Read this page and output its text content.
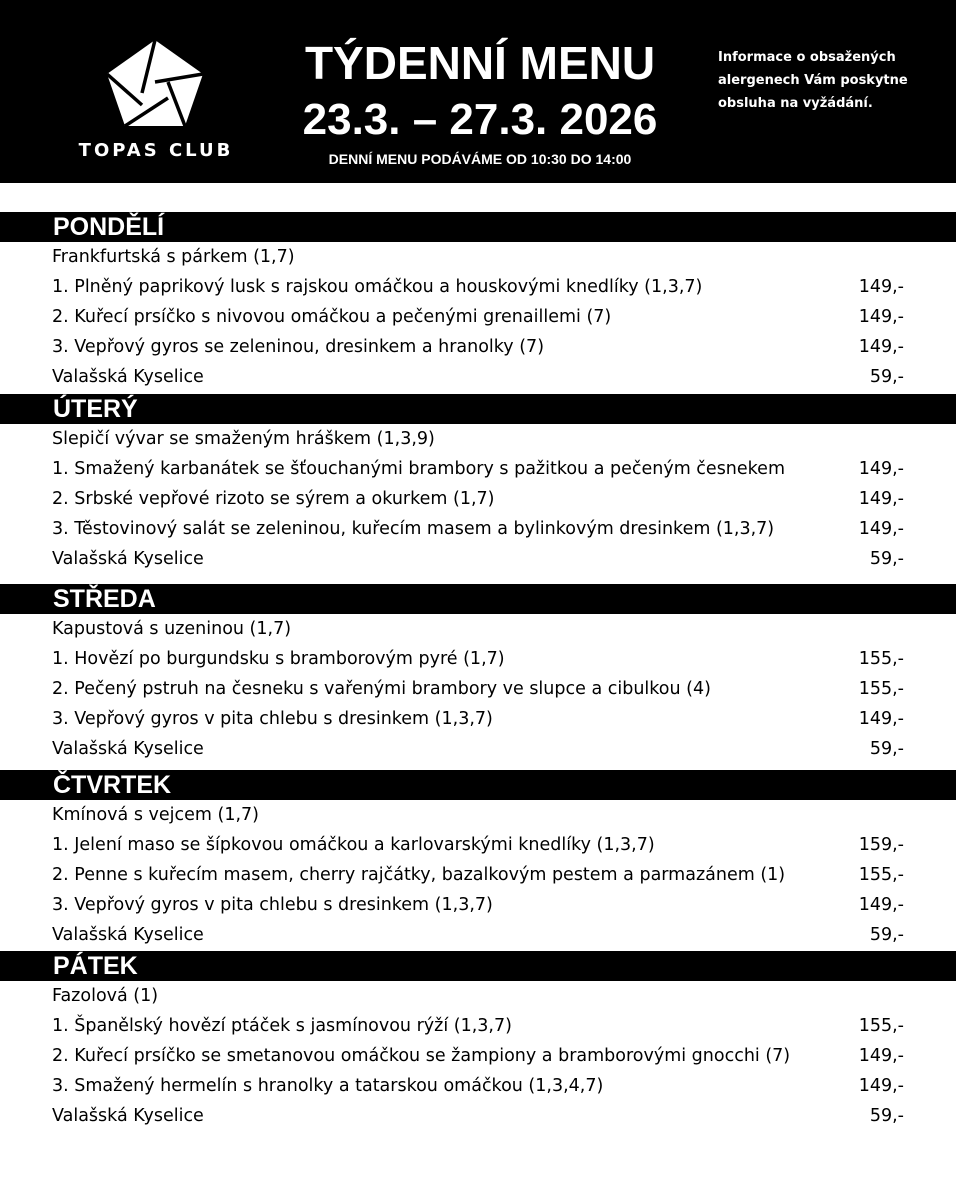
TOPAS CLUB
TÝDENNÍ MENU
23.3. – 27.3. 2026
DENNÍ MENU PODÁVÁME OD 10:30 DO 14:00
Informace o obsažených
alergenech Vám poskytne
obsluha na vyžádání.
PONDĚLÍ
Frankfurtská s párkem (1,7)
1. Plněný paprikový lusk s rajskou omáčkou a houskovými knedlíky (1,3,7)	149,-
2. Kuřecí prsíčko s nivovou omáčkou a pečenými grenaillemi (7)	149,-
3. Vepřový gyros se zeleninou, dresinkem a hranolky (7)	149,-
Valašská Kyselice	59,-
ÚTERÝ
Slepičí vývar se smaženým hráškem (1,3,9)
1. Smažený karbanátek se šťouchanými brambory s pažitkou a pečeným česnekem	149,-
2. Srbské vepřové rizoto se sýrem a okurkem (1,7)	149,-
3. Těstovinový salát se zeleninou, kuřecím masem a bylinkovým dresinkem (1,3,7)	149,-
Valašská Kyselice	59,-
STŘEDA
Kapustová s uzeninou (1,7)
1. Hovězí po burgundsku s bramborovým pyré (1,7)	155,-
2. Pečený pstruh na česneku s vařenými brambory ve slupce a cibulkou (4)	155,-
3. Vepřový gyros v pita chlebu s dresinkem (1,3,7)	149,-
Valašská Kyselice	59,-
ČTVRTEK
Kmínová s vejcem (1,7)
1. Jelení maso se šípkovou omáčkou a karlovarskými knedlíky (1,3,7)	159,-
2. Penne s kuřecím masem, cherry rajčátky, bazalkovým pestem a parmazánem (1)	155,-
3. Vepřový gyros v pita chlebu s dresinkem (1,3,7)	149,-
Valašská Kyselice	59,-
PÁTEK
Fazolová (1)
1. Španělský hovězí ptáček s jasmínovou rýží (1,3,7)	155,-
2. Kuřecí prsíčko se smetanovou omáčkou se žampiony a bramborovými gnocchi (7)	149,-
3. Smažený hermelín s hranolky a tatarskou omáčkou (1,3,4,7)	149,-
Valašská Kyselice	59,-
